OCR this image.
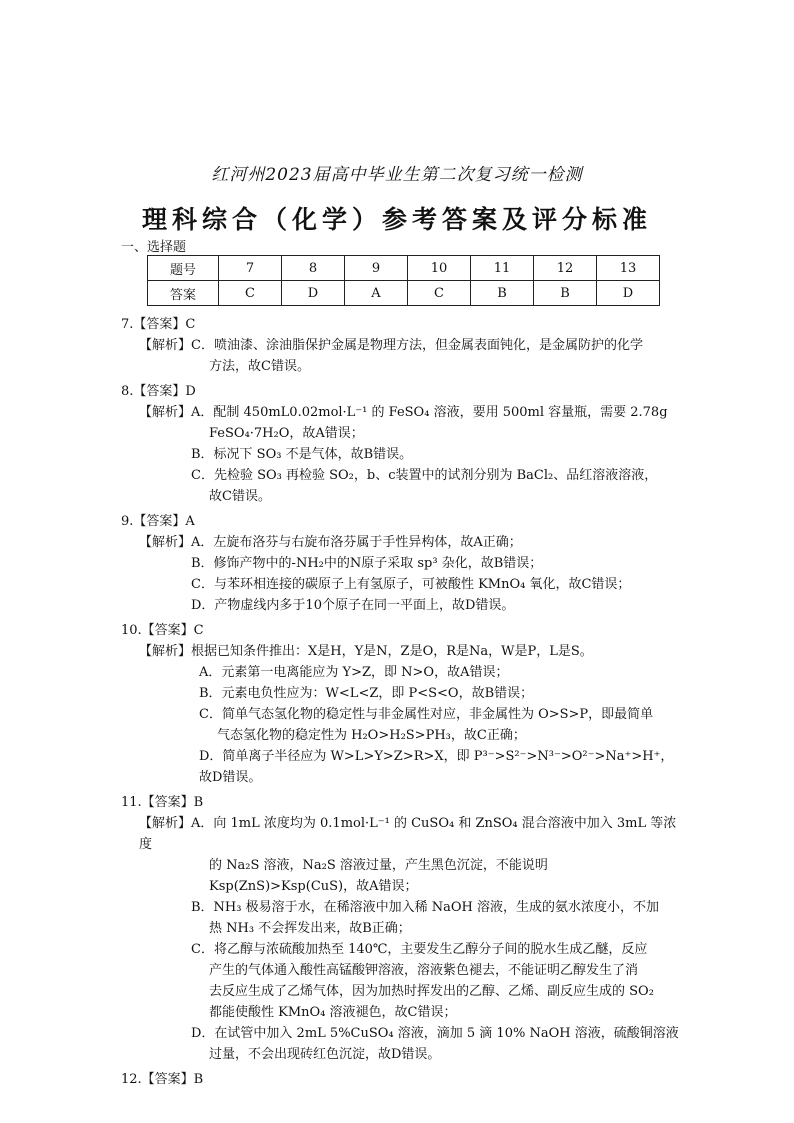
红河州2023届高中毕业生第二次复习统一检测
理科综合（化学）参考答案及评分标准
一、选择题
题号	7	8	9	10	11	12	13
答案	C	D	A	C	B	B	D
7.【答案】C
【解析】C．喷油漆、涂油脂保护金属是物理方法，但金属表面钝化，是金属防护的化学
方法，故C错误。
8.【答案】D
【解析】A．配制 450mL0.02mol·L⁻¹ 的 FeSO₄ 溶液，要用 500ml 容量瓶，需要 2.78g
FeSO₄·7H₂O，故A错误；
B．标况下 SO₃ 不是气体，故B错误。
C．先检验 SO₃ 再检验 SO₂，b、c装置中的试剂分别为 BaCl₂、品红溶液溶液，
故C错误。
9.【答案】A
【解析】A．左旋布洛芬与右旋布洛芬属于手性异构体，故A正确；
B．修饰产物中的-NH₂中的N原子采取 sp³ 杂化，故B错误；
C．与苯环相连接的碳原子上有氢原子，可被酸性 KMnO₄ 氧化，故C错误；
D．产物虚线内多于10个原子在同一平面上，故D错误。
10.【答案】C
【解析】根据已知条件推出：X是H，Y是N，Z是O，R是Na，W是P，L是S。
A．元素第一电离能应为 Y>Z，即 N>O，故A错误；
B．元素电负性应为：W<L<Z，即 P<S<O，故B错误；
C．简单气态氢化物的稳定性与非金属性对应，非金属性为 O>S>P，即最简单
气态氢化物的稳定性为 H₂O>H₂S>PH₃，故C正确；
D．简单离子半径应为 W>L>Y>Z>R>X，即 P³⁻>S²⁻>N³⁻>O²⁻>Na⁺>H⁺，故D错误。
11.【答案】B
【解析】A．向 1mL 浓度均为 0.1mol·L⁻¹ 的 CuSO₄ 和 ZnSO₄ 混合溶液中加入 3mL 等浓度
的 Na₂S 溶液，Na₂S 溶液过量，产生黑色沉淀，不能说明
Ksp(ZnS)>Ksp(CuS)，故A错误；
B．NH₃ 极易溶于水，在稀溶液中加入稀 NaOH 溶液，生成的氨水浓度小，不加
热 NH₃ 不会挥发出来，故B正确；
C．将乙醇与浓硫酸加热至 140℃，主要发生乙醇分子间的脱水生成乙醚，反应
产生的气体通入酸性高锰酸钾溶液，溶液紫色褪去，不能证明乙醇发生了消
去反应生成了乙烯气体，因为加热时挥发出的乙醇、乙烯、副反应生成的 SO₂
都能使酸性 KMnO₄ 溶液褪色，故C错误；
D．在试管中加入 2mL 5%CuSO₄ 溶液，滴加 5 滴 10% NaOH 溶液，硫酸铜溶液
过量，不会出现砖红色沉淀，故D错误。
12.【答案】B
